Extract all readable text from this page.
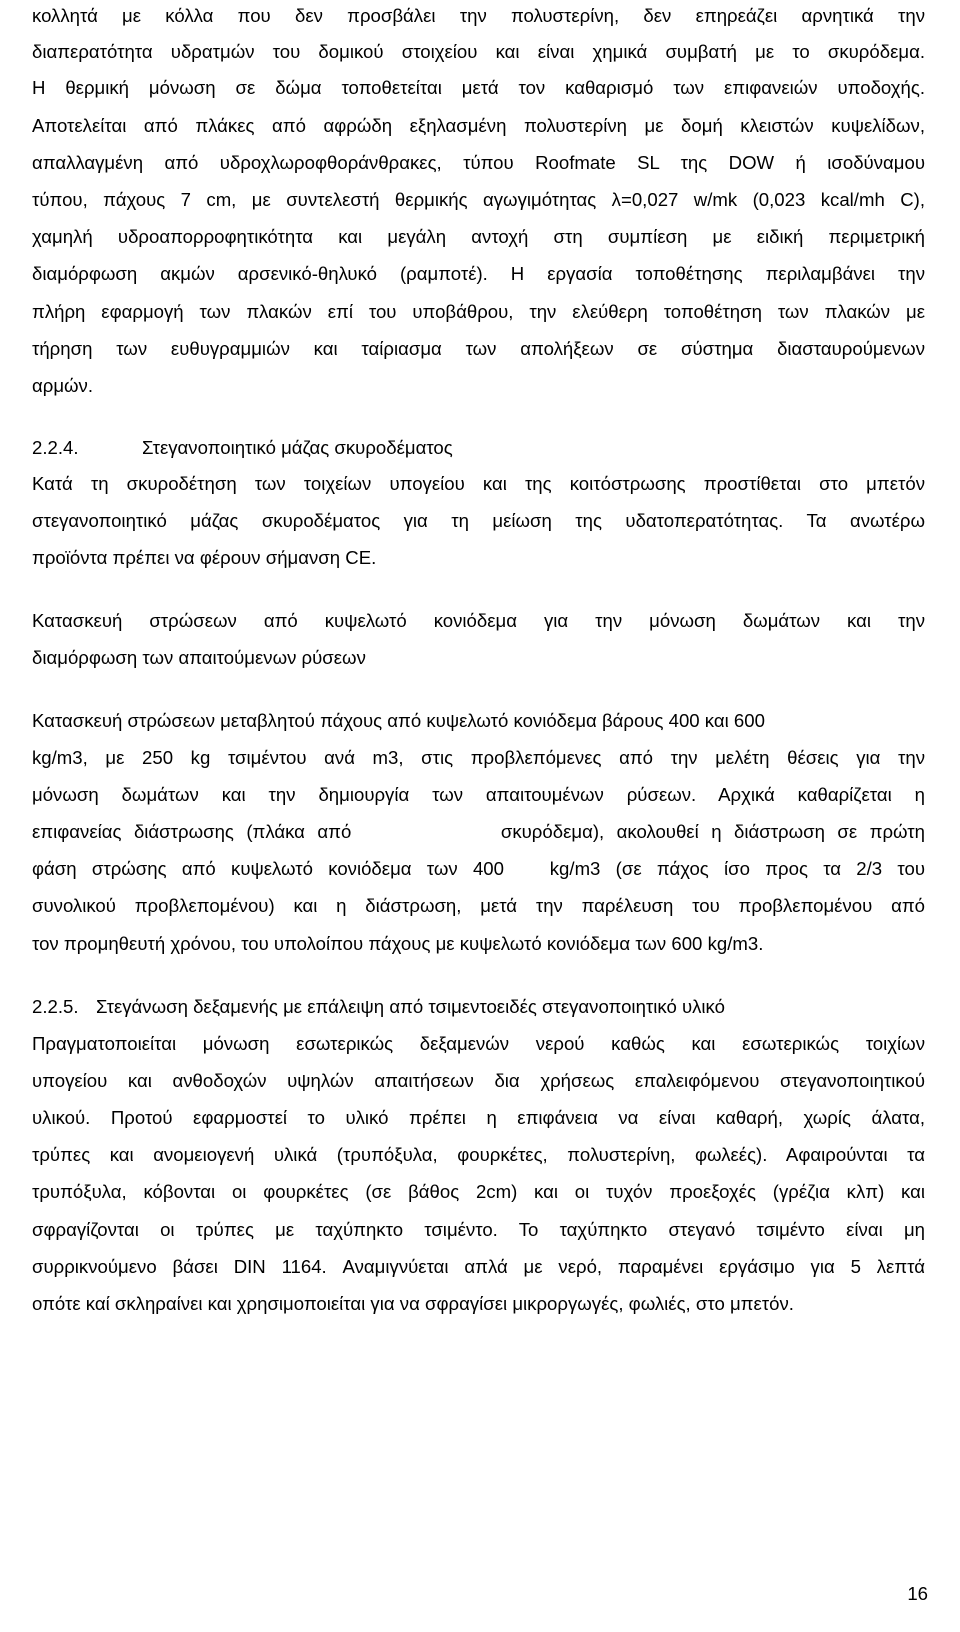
κολλητά με κόλλα που δεν προσβάλει την πολυστερίνη, δεν επηρεάζει αρνητικά την
διαπερατότητα υδρατμών του δομικού στοιχείου και είναι χημικά συμβατή με το σκυρόδεμα.
Η θερμική μόνωση σε δώμα τοποθετείται μετά τον καθαρισμό των επιφανειών υποδοχής.
Αποτελείται από πλάκες από αφρώδη εξηλασμένη πολυστερίνη με δομή κλειστών κυψελίδων,
απαλλαγμένη από υδροχλωροφθοράνθρακες, τύπου Roofmate SL της DOW ή ισοδύναμου
τύπου, πάχους 7 cm, με συντελεστή θερμικής αγωγιμότητας λ=0,027 w/mk (0,023 kcal/mh C),
χαμηλή υδροαπορροφητικότητα και μεγάλη αντοχή στη συμπίεση με ειδική περιμετρική
διαμόρφωση ακμών αρσενικό-θηλυκό (ραμποτέ). Η εργασία τοποθέτησης περιλαμβάνει την
πλήρη εφαρμογή των πλακών επί του υποβάθρου, την ελεύθερη τοποθέτηση των πλακών με
τήρηση των ευθυγραμμιών και ταίριασμα των απολήξεων σε σύστημα διασταυρούμενων
αρμών.
2.2.4.	Στεγανοποιητικό μάζας σκυροδέματος
Κατά τη σκυροδέτηση των τοιχείων υπογείου και της κοιτόστρωσης προστίθεται στο μπετόν
στεγανοποιητικό μάζας σκυροδέματος για τη μείωση της υδατοπερατότητας. Τα ανωτέρω
προϊόντα πρέπει να φέρουν σήμανση CE.
Κατασκευή στρώσεων από κυψελωτό κονιόδεμα για την μόνωση δωμάτων και την
διαμόρφωση των απαιτούμενων ρύσεων
Κατασκευή στρώσεων μεταβλητού πάχους από κυψελωτό κονιόδεμα βάρους 400 και 600
kg/m3, με 250 kg τσιμέντου ανά m3, στις προβλεπόμενες από την μελέτη θέσεις για την
μόνωση δωμάτων και την δημιουργία των απαιτουμένων ρύσεων. Αρχικά καθαρίζεται η
επιφανείας διάστρωσης (πλάκα από            σκυρόδεμα), ακολουθεί η διάστρωση σε πρώτη
φάση στρώσης από κυψελωτό κονιόδεμα των 400   kg/m3 (σε πάχος ίσο προς τα 2/3 του
συνολικού προβλεπομένου) και η διάστρωση, μετά την παρέλευση του προβλεπομένου από
τον προμηθευτή χρόνου, του υπολοίπου πάχους με κυψελωτό κονιόδεμα των 600 kg/m3.
2.2.5. Στεγάνωση δεξαμενής με επάλειψη από τσιμεντοειδές στεγανοποιητικό υλικό
Πραγματοποιείται μόνωση εσωτερικώς δεξαμενών νερού καθώς και εσωτερικώς τοιχίων
υπογείου και ανθοδοχών υψηλών απαιτήσεων δια χρήσεως επαλειφόμενου στεγανοποιητικού
υλικού. Προτού εφαρμοστεί το υλικό πρέπει η επιφάνεια να είναι καθαρή, χωρίς άλατα,
τρύπες και ανομειογενή υλικά (τρυπόξυλα, φουρκέτες, πολυστερίνη, φωλεές). Αφαιρούνται τα
τρυπόξυλα, κόβονται οι φουρκέτες (σε βάθος 2cm) και οι τυχόν προεξοχές (γρέζια κλπ) και
σφραγίζονται οι τρύπες με ταχύπηκτο τσιμέντο. Το ταχύπηκτο στεγανό τσιμέντο είναι μη
συρρικνούμενο βάσει DIN 1164. Αναμιγνύεται απλά με νερό, παραμένει εργάσιμο για 5 λεπτά
οπότε καί σκληραίνει και χρησιμοποιείται για να σφραγίσει μικροργωγές, φωλιές, στο μπετόν.
16
